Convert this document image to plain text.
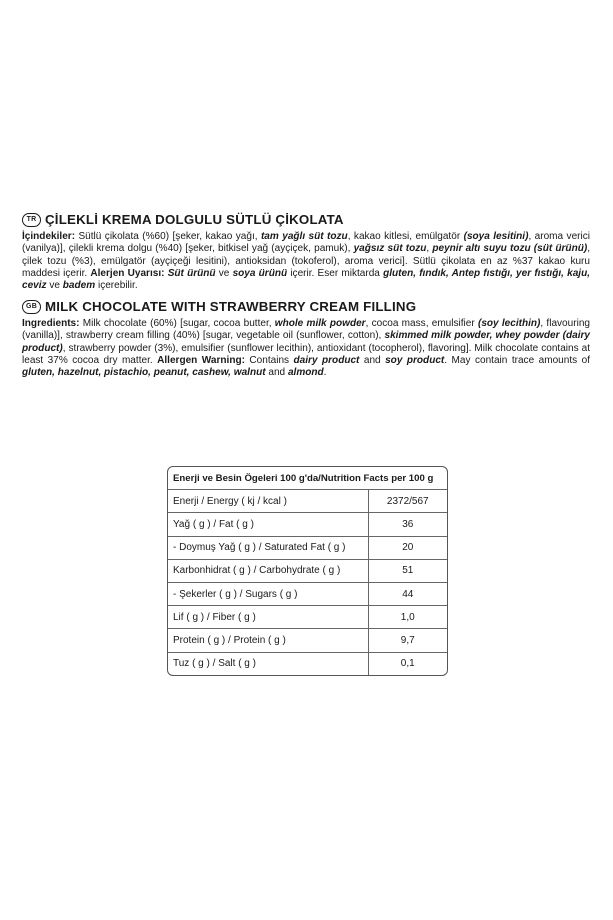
TR ÇİLEKLİ KREMA DOLGULU SÜTLÜ ÇİKOLATA

İçindekiler: Sütlü çikolata (%60) [şeker, kakao yağı, tam yağlı süt tozu, kakao kitlesi, emülgatör (soya lesitini), aroma verici (vanilya)], çilekli krema dolgu (%40) [şeker, bitkisel yağ (ayçiçek, pamuk), yağsız süt tozu, peynir altı suyu tozu (süt ürünü), çilek tozu (%3), emülgatör (ayçiçeği lesitini), antioksidan (tokoferol), aroma verici]. Sütlü çikolata en az %37 kakao kuru maddesi içerir. Alerjen Uyarısı: Süt ürünü ve soya ürünü içerir. Eser miktarda gluten, fındık, Antep fıstığı, yer fıstığı, kaju, ceviz ve badem içerebilir.

GB MILK CHOCOLATE WITH STRAWBERRY CREAM FILLING

Ingredients: Milk chocolate (60%) [sugar, cocoa butter, whole milk powder, cocoa mass, emulsifier (soy lecithin), flavouring (vanilla)], strawberry cream filling (40%) [sugar, vegetable oil (sunflower, cotton), skimmed milk powder, whey powder (dairy product), strawberry powder (3%), emulsifier (sunflower lecithin), antioxidant (tocopherol), flavoring]. Milk chocolate contains at least 37% cocoa dry matter. Allergen Warning: Contains dairy product and soy product. May contain trace amounts of gluten, hazelnut, pistachio, peanut, cashew, walnut and almond.

Enerji ve Besin Ögeleri 100 g'da/Nutrition Facts per 100 g	
Enerji / Energy ( kj / kcal )	2372/567
Yağ ( g ) / Fat ( g )	36
- Doymuş Yağ ( g ) / Saturated Fat ( g )	20
Karbonhidrat ( g ) / Carbohydrate ( g )	51
- Şekerler ( g ) / Sugars ( g )	44
Lif ( g ) / Fiber ( g )	1,0
Protein ( g ) / Protein ( g )	9,7
Tuz ( g ) / Salt ( g )	0,1
